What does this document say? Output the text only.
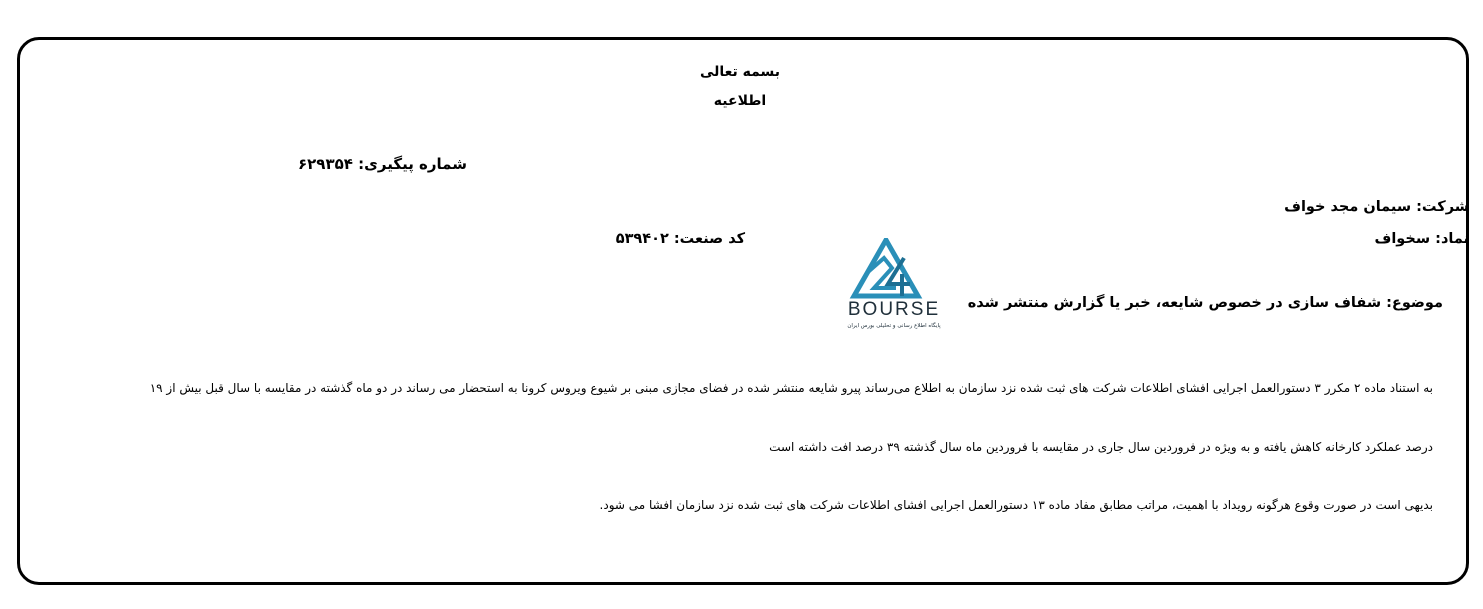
بسمه تعالی
اطلاعیه
شماره پیگیری: ۶۲۹۳۵۴
شرکت: سیمان مجد خواف
نماد: سخواف
کد صنعت: ۵۳۹۴۰۲
BOURSE
پایگاه اطلاع رسانی و تحلیلی بورس ایران
موضوع: شفاف سازی در خصوص شایعه، خبر یا گزارش منتشر شده
به استناد ماده ۲ مکرر ۳ دستورالعمل اجرایی افشای اطلاعات شرکت های ثبت شده نزد سازمان به اطلاع می‌رساند پیرو شایعه منتشر شده در فضای مجازی مبنی بر شیوع ویروس کرونا به استحضار می رساند در دو ماه گذشته در مقایسه با سال قبل بیش از ۱۹
درصد عملکرد کارخانه کاهش یافته و به ویژه در فروردین سال جاری در مقایسه با فروردین ماه سال گذشته ۳۹ درصد افت داشته است
بدیهی است در صورت وقوع هرگونه رویداد با اهمیت، مراتب مطابق مفاد ماده ۱۳ دستورالعمل اجرایی افشای اطلاعات شرکت های ثبت شده نزد سازمان افشا می شود.
